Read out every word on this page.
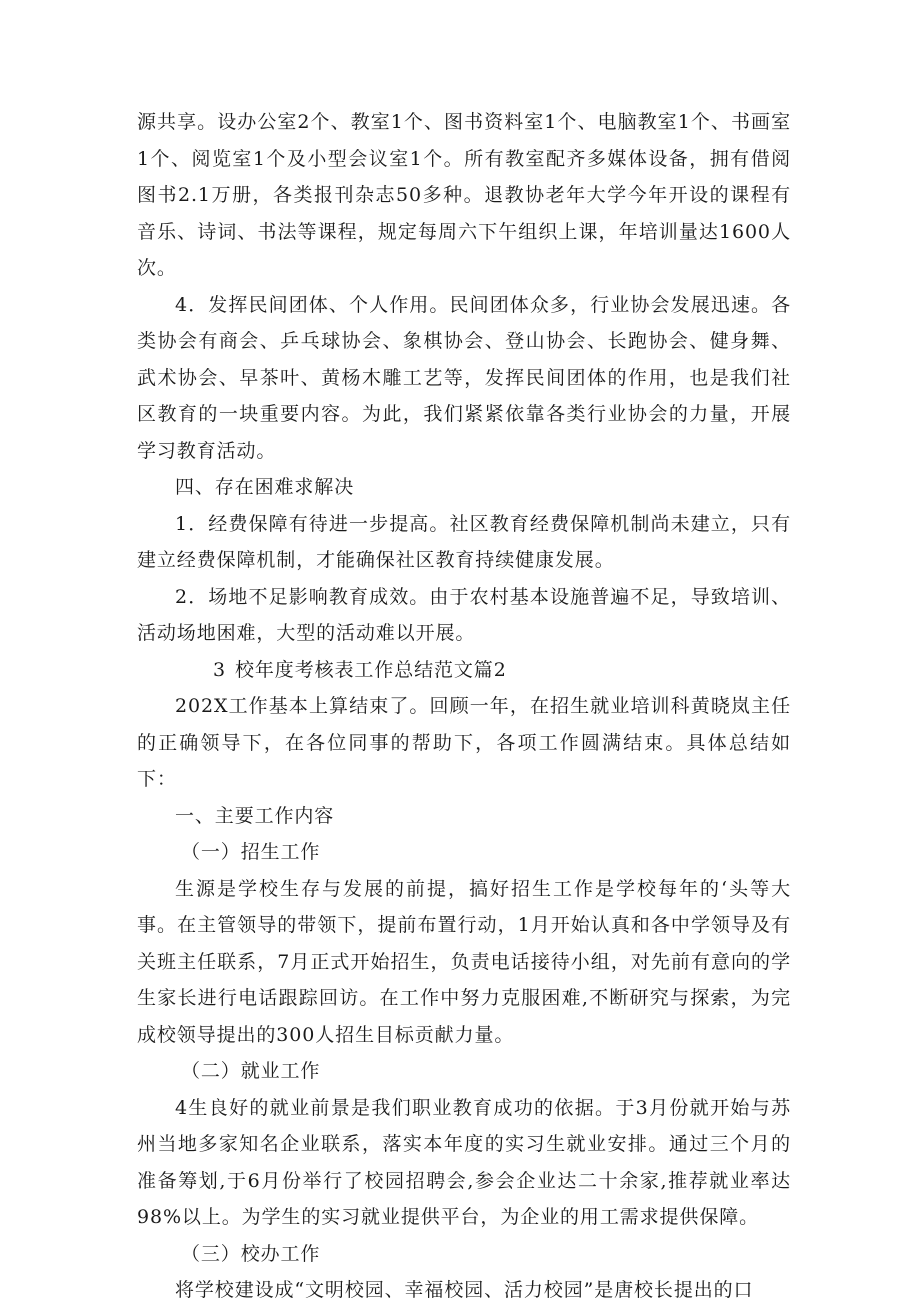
源共享。设办公室2个、教室1个、图书资料室1个、电脑教室1个、书画室1个、阅览室1个及小型会议室1个。所有教室配齐多媒体设备，拥有借阅图书2.1万册，各类报刊杂志50多种。退教协老年大学今年开设的课程有音乐、诗词、书法等课程，规定每周六下午组织上课，年培训量达1600人次。

4．发挥民间团体、个人作用。民间团体众多，行业协会发展迅速。各类协会有商会、乒乓球协会、象棋协会、登山协会、长跑协会、健身舞、武术协会、早茶叶、黄杨木雕工艺等，发挥民间团体的作用，也是我们社区教育的一块重要内容。为此，我们紧紧依靠各类行业协会的力量，开展学习教育活动。

四、存在困难求解决

1．经费保障有待进一步提高。社区教育经费保障机制尚未建立，只有建立经费保障机制，才能确保社区教育持续健康发展。

2．场地不足影响教育成效。由于农村基本设施普遍不足，导致培训、活动场地困难，大型的活动难以开展。

3 校年度考核表工作总结范文篇2

202X工作基本上算结束了。回顾一年，在招生就业培训科黄晓岚主任的正确领导下，在各位同事的帮助下，各项工作圆满结束。具体总结如下：

一、主要工作内容

（一）招生工作

生源是学校生存与发展的前提，搞好招生工作是学校每年的‘头等大事。在主管领导的带领下，提前布置行动，1月开始认真和各中学领导及有关班主任联系，7月正式开始招生，负责电话接待小组，对先前有意向的学生家长进行电话跟踪回访。在工作中努力克服困难,不断研究与探索，为完成校领导提出的300人招生目标贡献力量。

（二）就业工作

4生良好的就业前景是我们职业教育成功的依据。于3月份就开始与苏州当地多家知名企业联系，落实本年度的实习生就业安排。通过三个月的准备筹划,于6月份举行了校园招聘会,参会企业达二十余家,推荐就业率达98%以上。为学生的实习就业提供平台，为企业的用工需求提供保障。

（三）校办工作

将学校建设成“文明校园、幸福校园、活力校园”是唐校长提出的口
